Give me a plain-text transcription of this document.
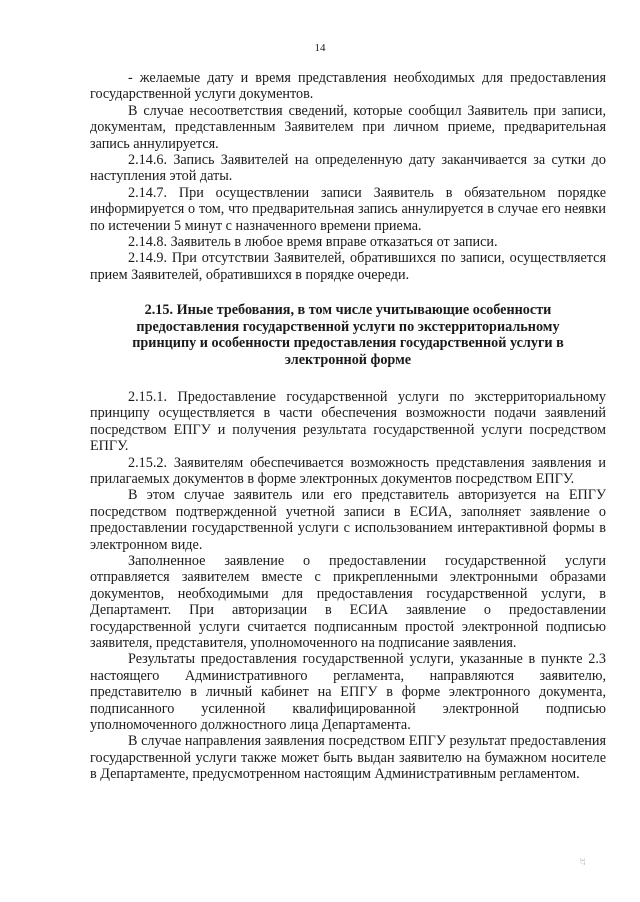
14

- желаемые дату и время представления необходимых для предоставления государственной услуги документов.

В случае несоответствия сведений, которые сообщил Заявитель при записи, документам, представленным Заявителем при личном приеме, предварительная запись аннулируется.

2.14.6. Запись Заявителей на определенную дату заканчивается за сутки до наступления этой даты.

2.14.7. При осуществлении записи Заявитель в обязательном порядке информируется о том, что предварительная запись аннулируется в случае его неявки по истечении 5 минут с назначенного времени приема.

2.14.8. Заявитель в любое время вправе отказаться от записи.

2.14.9. При отсутствии Заявителей, обратившихся по записи, осуществляется прием Заявителей, обратившихся в порядке очереди.

2.15. Иные требования, в том числе учитывающие особенности предоставления государственной услуги по экстерриториальному принципу и особенности предоставления государственной услуги в электронной форме

2.15.1. Предоставление государственной услуги по экстерриториальному принципу осуществляется в части обеспечения возможности подачи заявлений посредством ЕПГУ и получения результата государственной услуги посредством ЕПГУ.

2.15.2. Заявителям обеспечивается возможность представления заявления и прилагаемых документов в форме электронных документов посредством ЕПГУ.

В этом случае заявитель или его представитель авторизуется на ЕПГУ посредством подтвержденной учетной записи в ЕСИА, заполняет заявление о предоставлении государственной услуги с использованием интерактивной формы в электронном виде.

Заполненное заявление о предоставлении государственной услуги отправляется заявителем вместе с прикрепленными электронными образами документов, необходимыми для предоставления государственной услуги, в Департамент. При авторизации в ЕСИА заявление о предоставлении государственной услуги считается подписанным простой электронной подписью заявителя, представителя, уполномоченного на подписание заявления.

Результаты предоставления государственной услуги, указанные в пункте 2.3 настоящего Административного регламента, направляются заявителю, представителю в личный кабинет на ЕПГУ в форме электронного документа, подписанного усиленной квалифицированной электронной подписью уполномоченного должностного лица Департамента.

В случае направления заявления посредством ЕПГУ результат предоставления государственной услуги также может быть выдан заявителю на бумажном носителе в Департаменте, предусмотренном настоящим Административным регламентом.

37
